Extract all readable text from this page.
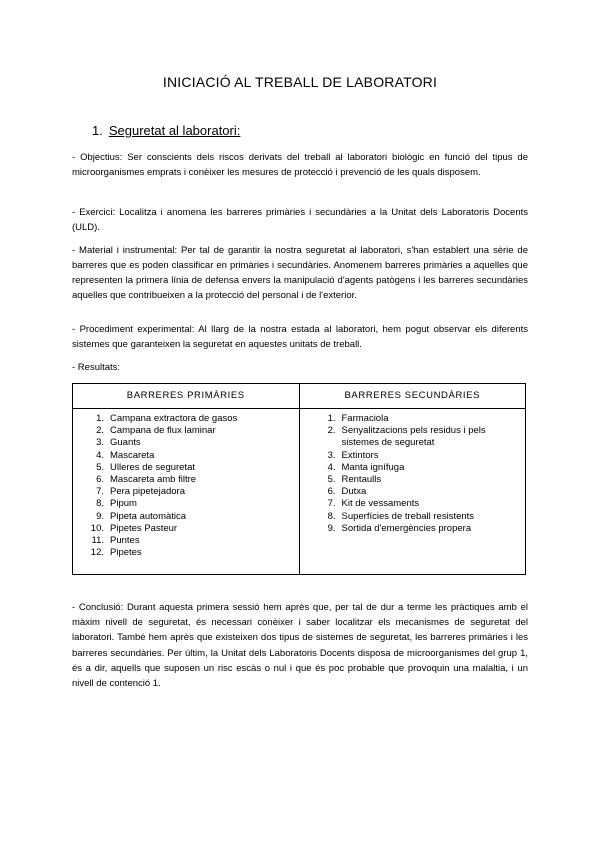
INICIACIÓ AL TREBALL DE LABORATORI
1. Seguretat al laboratori:
- Objectius: Ser conscients dels riscos derivats del treball al laboratori biològic en funció del tipus de microorganismes emprats i conèixer les mesures de protecció i prevenció de les quals disposem.
- Exercici: Localitza i anomena les barreres primàries i secundàries a la Unitat dels Laboratoris Docents (ULD).
- Material i instrumental: Per tal de garantir la nostra seguretat al laboratori, s'han establert una sèrie de barreres que es poden classificar en primàries i secundàries. Anomenem barreres primàries a aquelles que representen la primera línia de defensa envers la manipulació d'agents patògens i les barreres secundàries aquelles que contribueixen a la protecció del personal i de l'exterior.
- Procediment experimental: Al llarg de la nostra estada al laboratori, hem pogut observar els diferents sistemes que garanteixen la seguretat en aquestes unitats de treball.
- Resultats:
BARRERES PRIMÀRIES
1. Campana extractora de gasos
2. Campana de flux laminar
3. Guants
4. Mascareta
5. Ulleres de seguretat
6. Mascareta amb filtre
7. Pera pipetejadora
8. Pipum
9. Pipeta automàtica
10. Pipetes Pasteur
11. Puntes
12. Pipetes
BARRERES SECUNDÀRIES
1. Farmaciola
2. Senyalitzacions pels residus i pels sistemes de seguretat
3. Extintors
4. Manta ignífuga
5. Rentaulls
6. Dutxa
7. Kit de vessaments
8. Superfícies de treball resistents
9. Sortida d'emergències propera
- Conclusió: Durant aquesta primera sessió hem après que, per tal de dur a terme les pràctiques amb el màxim nivell de seguretat, és necessari conèixer i saber localitzar els mecanismes de seguretat del laboratori. També hem après que existeixen dos tipus de sistemes de seguretat, les barreres primàries i les barreres secundàries. Per últim, la Unitat dels Laboratoris Docents disposa de microorganismes del grup 1, és a dir, aquells que suposen un risc escàs o nul i que és poc probable que provoquin una malaltia, i un nivell de contenció 1.
